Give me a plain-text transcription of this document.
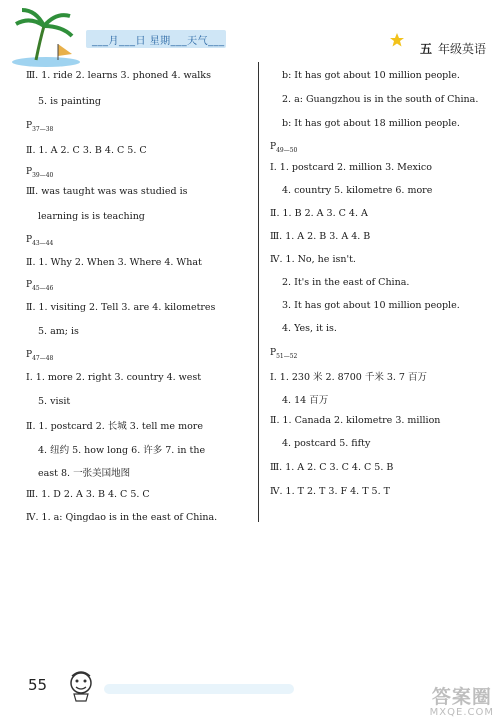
___月___日 星期___天气___
五 年级英语
Ⅲ. 1. ride 2. learns 3. phoned 4. walks
5. is painting
$P_{37—38}$
Ⅱ. 1. A 2. C 3. B 4. C 5. C
$P_{39—40}$
Ⅲ. was taught was was studied is
learning is is teaching
$P_{43—44}$
Ⅱ. 1. Why 2. When 3. Where 4. What
$P_{45—46}$
Ⅱ. 1. visiting 2. Tell 3. are 4. kilometres
5. am; is
$P_{47—48}$
Ⅰ. 1. more 2. right 3. country 4. west
5. visit
Ⅱ. 1. postcard 2. 长城 3. tell me more
4. 纽约 5. how long 6. 许多 7. in the
east 8. 一张美国地图
Ⅲ. 1. D 2. A 3. B 4. C 5. C
Ⅳ. 1. a: Qingdao is in the east of China.
b: It has got about 10 million people.
2. a: Guangzhou is in the south of China.
b: It has got about 18 million people.
$P_{49—50}$
Ⅰ. 1. postcard 2. million 3. Mexico
4. country 5. kilometre 6. more
Ⅱ. 1. B 2. A 3. C 4. A
Ⅲ. 1. A 2. B 3. A 4. B
Ⅳ. 1. No, he isn't.
2. It's in the east of China.
3. It has got about 10 million people.
4. Yes, it is.
$P_{51—52}$
Ⅰ. 1. 230 米 2. 8700 千米 3. 7 百万
4. 14 百万
Ⅱ. 1. Canada 2. kilometre 3. million
4. postcard 5. fifty
Ⅲ. 1. A 2. C 3. C 4. C 5. B
Ⅳ. 1. T 2. T 3. F 4. T 5. T
55
答案圈
MXQE.COM
